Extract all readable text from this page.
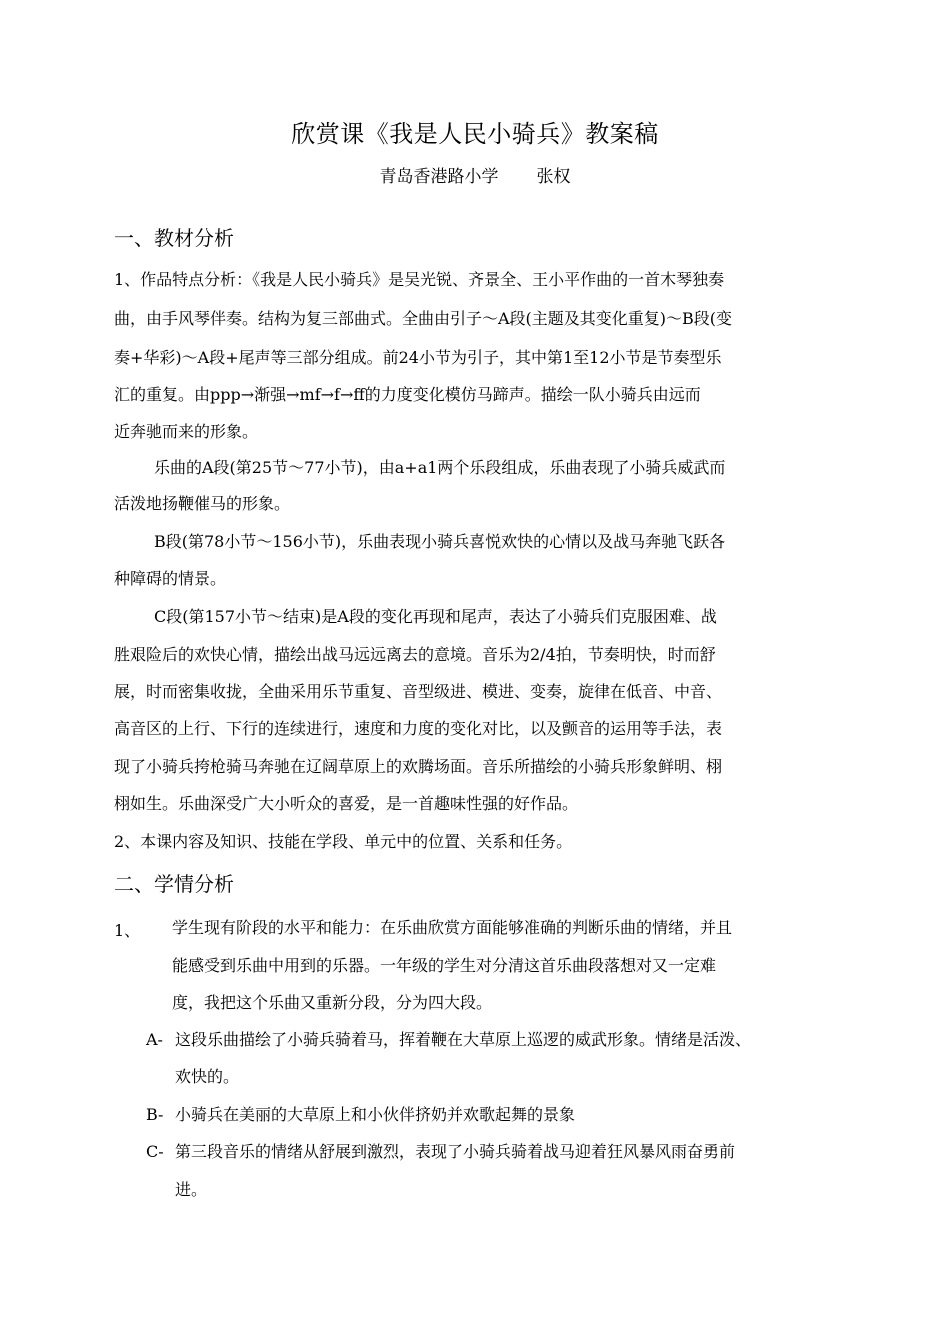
欣赏课《我是人民小骑兵》教案稿
青岛香港路小学 张权
一、教材分析
1、作品特点分析：《我是人民小骑兵》是吴光锐、齐景全、王小平作曲的一首木琴独奏
曲，由手风琴伴奏。结构为复三部曲式。全曲由引子～A段(主题及其变化重复)～B段(变
奏+华彩)～A段+尾声等三部分组成。前24小节为引子，其中第1至12小节是节奏型乐
汇的重复。由ppp→渐强→mf→f→ff的力度变化模仿马蹄声。描绘一队小骑兵由远而
近奔驰而来的形象。
乐曲的A段(第25节～77小节)，由a+a1两个乐段组成，乐曲表现了小骑兵威武而
活泼地扬鞭催马的形象。
B段(第78小节～156小节)，乐曲表现小骑兵喜悦欢快的心情以及战马奔驰飞跃各
种障碍的情景。
C段(第157小节～结束)是A段的变化再现和尾声，表达了小骑兵们克服困难、战
胜艰险后的欢快心情，描绘出战马远远离去的意境。音乐为2/4拍，节奏明快，时而舒
展，时而密集收拢，全曲采用乐节重复、音型级进、模进、变奏，旋律在低音、中音、
高音区的上行、下行的连续进行，速度和力度的变化对比，以及颤音的运用等手法，表
现了小骑兵挎枪骑马奔驰在辽阔草原上的欢腾场面。音乐所描绘的小骑兵形象鲜明、栩
栩如生。乐曲深受广大小听众的喜爱，是一首趣味性强的好作品。
2、本课内容及知识、技能在学段、单元中的位置、关系和任务。
二、学情分析
1、 学生现有阶段的水平和能力：在乐曲欣赏方面能够准确的判断乐曲的情绪，并且
能感受到乐曲中用到的乐器。一年级的学生对分清这首乐曲段落想对又一定难
度，我把这个乐曲又重新分段，分为四大段。
A- 这段乐曲描绘了小骑兵骑着马，挥着鞭在大草原上巡逻的威武形象。情绪是活泼、
欢快的。
B- 小骑兵在美丽的大草原上和小伙伴挤奶并欢歌起舞的景象
C- 第三段音乐的情绪从舒展到激烈，表现了小骑兵骑着战马迎着狂风暴风雨奋勇前
进。
